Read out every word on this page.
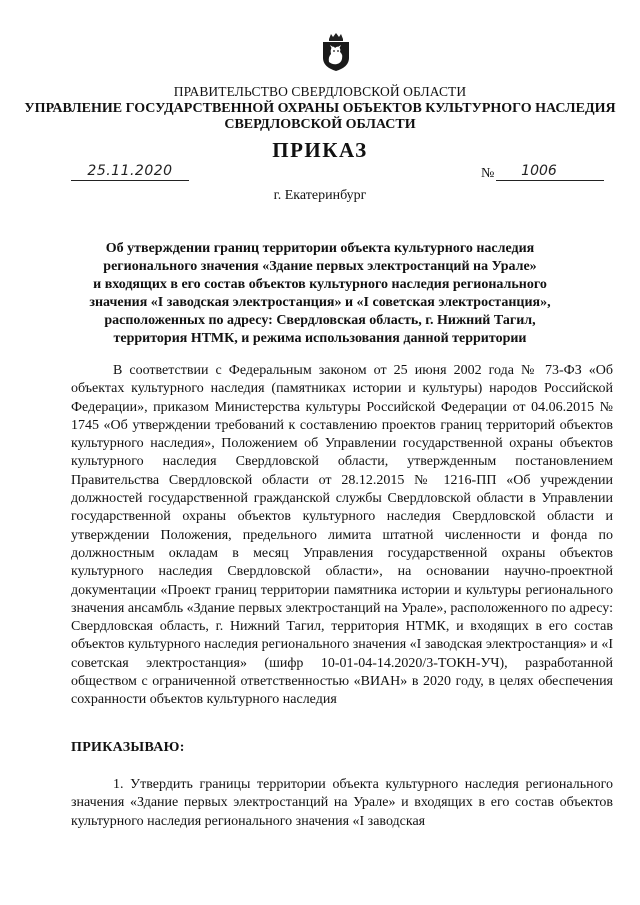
ПРАВИТЕЛЬСТВО СВЕРДЛОВСКОЙ ОБЛАСТИ
УПРАВЛЕНИЕ ГОСУДАРСТВЕННОЙ ОХРАНЫ ОБЪЕКТОВ КУЛЬТУРНОГО НАСЛЕДИЯ
СВЕРДЛОВСКОЙ ОБЛАСТИ
ПРИКАЗ
25.11.2020	№	1006
г. Екатеринбург
Об утверждении границ территории объекта культурного наследия
регионального значения «Здание первых электростанций на Урале»
и входящих в его состав объектов культурного наследия регионального
значения «I заводская электростанция» и «I советская электростанция»,
расположенных по адресу: Свердловская область, г. Нижний Тагил,
территория НТМК, и режима использования данной территории
В соответствии с Федеральным законом от 25 июня 2002 года № 73-ФЗ «Об объектах культурного наследия (памятниках истории и культуры) народов Российской Федерации», приказом Министерства культуры Российской Федерации от 04.06.2015 № 1745 «Об утверждении требований к составлению проектов границ территорий объектов культурного наследия», Положением об Управлении государственной охраны объектов культурного наследия Свердловской области, утвержденным постановлением Правительства Свердловской области от 28.12.2015 № 1216-ПП «Об учреждении должностей государственной гражданской службы Свердловской области в Управлении государственной охраны объектов культурного наследия Свердловской области и утверждении Положения, предельного лимита штатной численности и фонда по должностным окладам в месяц Управления государственной охраны объектов культурного наследия Свердловской области», на основании научно-проектной документации «Проект границ территории памятника истории и культуры регионального значения ансамбль «Здание первых электростанций на Урале», расположенного по адресу: Свердловская область, г. Нижний Тагил, территория НТМК, и входящих в его состав объектов культурного наследия регионального значения «I заводская электростанция» и «I советская электростанция» (шифр 10-01-04-14.2020/3-ТОКН-УЧ), разработанной обществом с ограниченной ответственностью «ВИАН» в 2020 году, в целях обеспечения сохранности объектов культурного наследия
ПРИКАЗЫВАЮ:
1. Утвердить границы территории объекта культурного наследия регионального значения «Здание первых электростанций на Урале» и входящих в его состав объектов культурного наследия регионального значения «I заводская
